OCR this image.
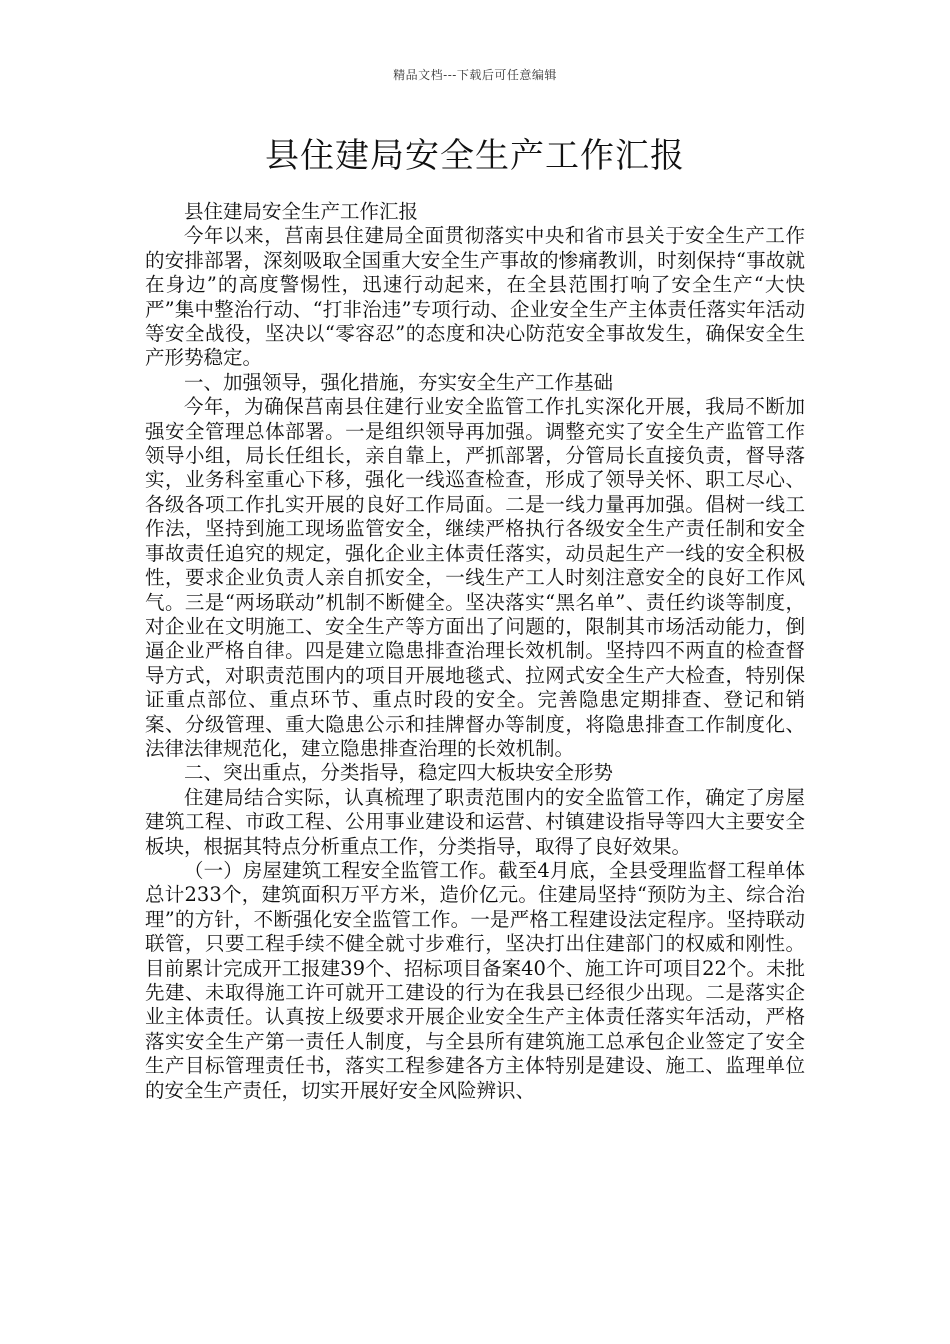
精品文档---下载后可任意编辑
县住建局安全生产工作汇报

县住建局安全生产工作汇报

今年以来，莒南县住建局全面贯彻落实中央和省市县关于安全生产工作的安排部署，深刻吸取全国重大安全生产事故的惨痛教训，时刻保持“事故就在身边”的高度警惕性，迅速行动起来，在全县范围打响了安全生产“大快严”集中整治行动、“打非治违”专项行动、企业安全生产主体责任落实年活动等安全战役，坚决以“零容忍”的态度和决心防范安全事故发生，确保安全生产形势稳定。

一、加强领导，强化措施，夯实安全生产工作基础

今年，为确保莒南县住建行业安全监管工作扎实深化开展，我局不断加强安全管理总体部署。一是组织领导再加强。调整充实了安全生产监管工作领导小组，局长任组长，亲自靠上，严抓部署，分管局长直接负责，督导落实，业务科室重心下移，强化一线巡查检查，形成了领导关怀、职工尽心、各级各项工作扎实开展的良好工作局面。二是一线力量再加强。倡树一线工作法，坚持到施工现场监管安全，继续严格执行各级安全生产责任制和安全事故责任追究的规定，强化企业主体责任落实，动员起生产一线的安全积极性，要求企业负责人亲自抓安全，一线生产工人时刻注意安全的良好工作风气。三是“两场联动”机制不断健全。坚决落实“黑名单”、责任约谈等制度，对企业在文明施工、安全生产等方面出了问题的，限制其市场活动能力，倒逼企业严格自律。四是建立隐患排查治理长效机制。坚持四不两直的检查督导方式，对职责范围内的项目开展地毯式、拉网式安全生产大检查，特别保证重点部位、重点环节、重点时段的安全。完善隐患定期排查、登记和销案、分级管理、重大隐患公示和挂牌督办等制度，将隐患排查工作制度化、法律法律规范化，建立隐患排查治理的长效机制。

二、突出重点，分类指导，稳定四大板块安全形势

住建局结合实际，认真梳理了职责范围内的安全监管工作，确定了房屋建筑工程、市政工程、公用事业建设和运营、村镇建设指导等四大主要安全板块，根据其特点分析重点工作，分类指导，取得了良好效果。

（一）房屋建筑工程安全监管工作。截至4月底，全县受理监督工程单体总计233个，建筑面积万平方米，造价亿元。住建局坚持“预防为主、综合治理”的方针，不断强化安全监管工作。一是严格工程建设法定程序。坚持联动联管，只要工程手续不健全就寸步难行，坚决打出住建部门的权威和刚性。目前累计完成开工报建39个、招标项目备案40个、施工许可项目22个。未批先建、未取得施工许可就开工建设的行为在我县已经很少出现。二是落实企业主体责任。认真按上级要求开展企业安全生产主体责任落实年活动，严格落实安全生产第一责任人制度，与全县所有建筑施工总承包企业签定了安全生产目标管理责任书，落实工程参建各方主体特别是建设、施工、监理单位的安全生产责任，切实开展好安全风险辨识、
